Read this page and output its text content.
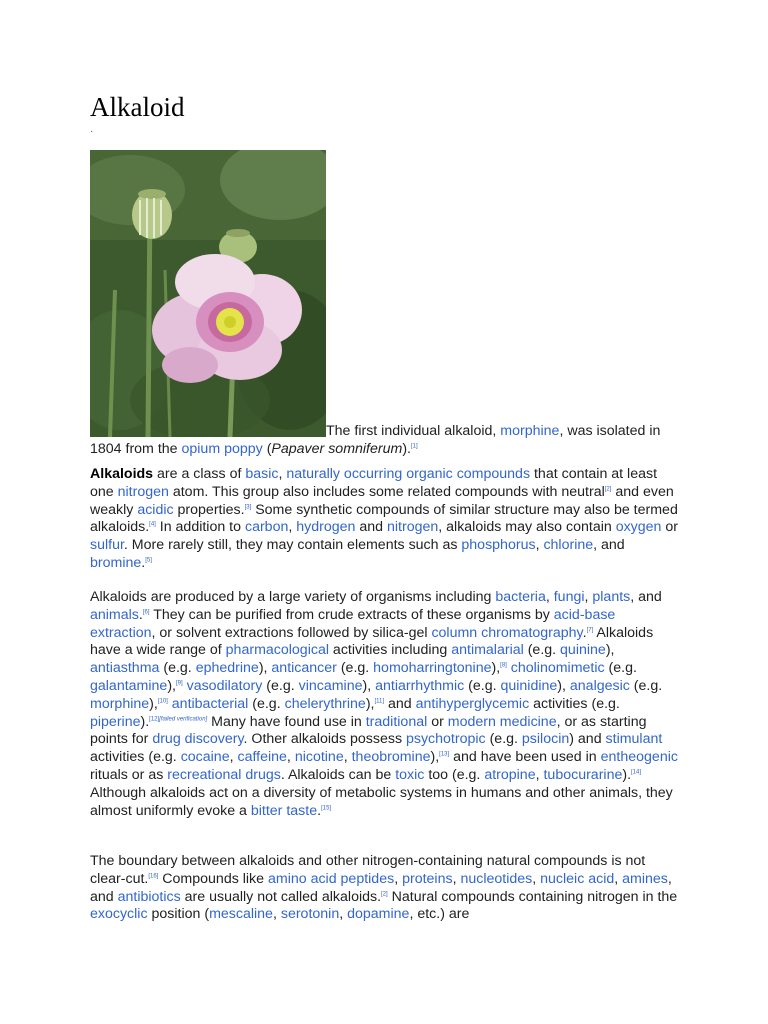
Alkaloid
·

The first individual alkaloid, morphine, was isolated in 1804 from the opium poppy (Papaver somniferum).[1]

Alkaloids are a class of basic, naturally occurring organic compounds that contain at least one nitrogen atom. This group also includes some related compounds with neutral[2] and even weakly acidic properties.[3] Some synthetic compounds of similar structure may also be termed alkaloids.[4] In addition to carbon, hydrogen and nitrogen, alkaloids may also contain oxygen or sulfur. More rarely still, they may contain elements such as phosphorus, chlorine, and bromine.[5]

Alkaloids are produced by a large variety of organisms including bacteria, fungi, plants, and animals.[6] They can be purified from crude extracts of these organisms by acid-base extraction, or solvent extractions followed by silica-gel column chromatography.[7] Alkaloids have a wide range of pharmacological activities including antimalarial (e.g. quinine), antiasthma (e.g. ephedrine), anticancer (e.g. homoharringtonine),[8] cholinomimetic (e.g. galantamine),[9] vasodilatory (e.g. vincamine), antiarrhythmic (e.g. quinidine), analgesic (e.g. morphine),[10] antibacterial (e.g. chelerythrine),[11] and antihyperglycemic activities (e.g. piperine).[12][failed verification] Many have found use in traditional or modern medicine, or as starting points for drug discovery. Other alkaloids possess psychotropic (e.g. psilocin) and stimulant activities (e.g. cocaine, caffeine, nicotine, theobromine),[13] and have been used in entheogenic rituals or as recreational drugs. Alkaloids can be toxic too (e.g. atropine, tubocurarine).[14] Although alkaloids act on a diversity of metabolic systems in humans and other animals, they almost uniformly evoke a bitter taste.[15]

The boundary between alkaloids and other nitrogen-containing natural compounds is not clear-cut.[16] Compounds like amino acid peptides, proteins, nucleotides, nucleic acid, amines, and antibiotics are usually not called alkaloids.[2] Natural compounds containing nitrogen in the exocyclic position (mescaline, serotonin, dopamine, etc.) are
